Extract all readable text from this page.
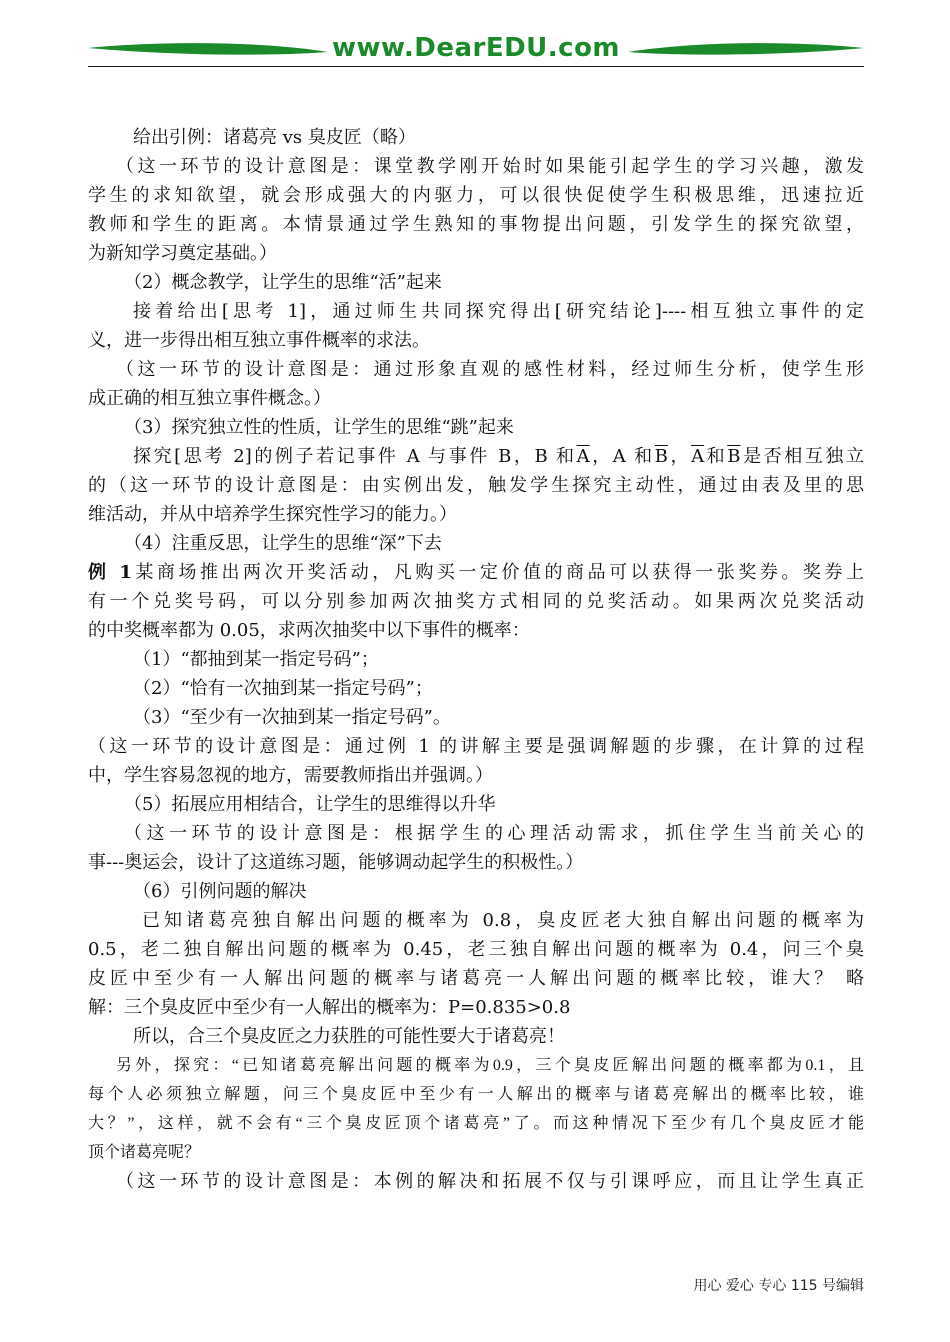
www.DearEDU.com
给出引例：诸葛亮 vs 臭皮匠（略）
（这一环节的设计意图是：课堂教学刚开始时如果能引起学生的学习兴趣，激发
学生的求知欲望，就会形成强大的内驱力，可以很快促使学生积极思维，迅速拉近
教师和学生的距离。本情景通过学生熟知的事物提出问题，引发学生的探究欲望，
为新知学习奠定基础。）
（2）概念教学，让学生的思维“活”起来
接着给出[思考 1]，通过师生共同探究得出[研究结论]----相互独立事件的定
义，进一步得出相互独立事件概率的求法。
（这一环节的设计意图是：通过形象直观的感性材料，经过师生分析，使学生形
成正确的相互独立事件概念。）
（3）探究独立性的性质，让学生的思维“跳”起来
探究[思考 2]的例子若记事件 A 与事件 B，B 和$\overline{A}$，A 和$\overline{B}$，$\overline{A}$和$\overline{B}$是否相互独立
的（这一环节的设计意图是：由实例出发，触发学生探究主动性，通过由表及里的思
维活动，并从中培养学生探究性学习的能力。）
（4）注重反思，让学生的思维“深”下去
例 1某商场推出两次开奖活动，凡购买一定价值的商品可以获得一张奖券。奖券上
有一个兑奖号码，可以分别参加两次抽奖方式相同的兑奖活动。如果两次兑奖活动
的中奖概率都为 0.05，求两次抽奖中以下事件的概率：
（1）“都抽到某一指定号码”；
（2）“恰有一次抽到某一指定号码”；
（3）“至少有一次抽到某一指定号码”。
（这一环节的设计意图是：通过例 1 的讲解主要是强调解题的步骤，在计算的过程
中，学生容易忽视的地方，需要教师指出并强调。）
（5）拓展应用相结合，让学生的思维得以升华
（这一环节的设计意图是：根据学生的心理活动需求，抓住学生当前关心的
事---奥运会，设计了这道练习题，能够调动起学生的积极性。）
（6）引例问题的解决
已知诸葛亮独自解出问题的概率为 0.8，臭皮匠老大独自解出问题的概率为
0.5，老二独自解出问题的概率为 0.45，老三独自解出问题的概率为 0.4，问三个臭
皮匠中至少有一人解出问题的概率与诸葛亮一人解出问题的概率比较，谁大？ 略
解：三个臭皮匠中至少有一人解出的概率为：P=0.835>0.8
所以，合三个臭皮匠之力获胜的可能性要大于诸葛亮！
另外，探究：“已知诸葛亮解出问题的概率为0.9，三个臭皮匠解出问题的概率都为0.1，且
每个人必须独立解题，问三个臭皮匠中至少有一人解出的概率与诸葛亮解出的概率比较，谁
大？”，这样，就不会有“三个臭皮匠顶个诸葛亮”了。而这种情况下至少有几个臭皮匠才能
顶个诸葛亮呢？
（这一环节的设计意图是：本例的解决和拓展不仅与引课呼应，而且让学生真正
用心 爱心 专心 115 号编辑
